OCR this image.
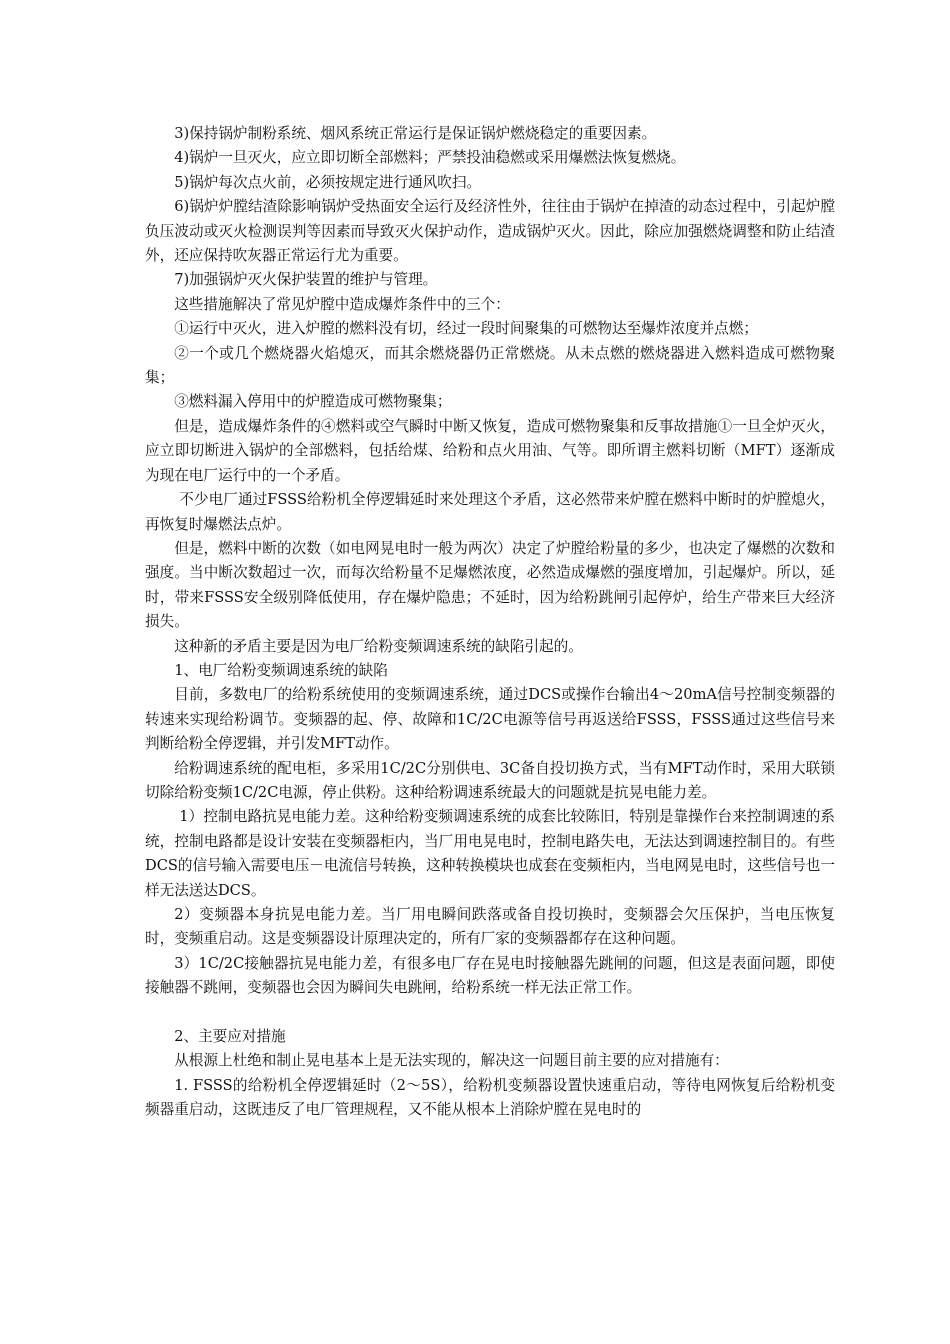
3)保持锅炉制粉系统、烟风系统正常运行是保证锅炉燃烧稳定的重要因素。

4)锅炉一旦灭火，应立即切断全部燃料；严禁投油稳燃或采用爆燃法恢复燃烧。

5)锅炉每次点火前，必须按规定进行通风吹扫。

6)锅炉炉膛结渣除影响锅炉受热面安全运行及经济性外，往往由于锅炉在掉渣的动态过程中，引起炉膛负压波动或灭火检测误判等因素而导致灭火保护动作，造成锅炉灭火。因此，除应加强燃烧调整和防止结渣外，还应保持吹灰器正常运行尤为重要。

7)加强锅炉灭火保护装置的维护与管理。

这些措施解决了常见炉膛中造成爆炸条件中的三个：

①运行中灭火，进入炉膛的燃料没有切，经过一段时间聚集的可燃物达至爆炸浓度并点燃；

②一个或几个燃烧器火焰熄灭，而其余燃烧器仍正常燃烧。从未点燃的燃烧器进入燃料造成可燃物聚集；

③燃料漏入停用中的炉膛造成可燃物聚集；

但是，造成爆炸条件的④燃料或空气瞬时中断又恢复，造成可燃物聚集和反事故措施①一旦全炉灭火，应立即切断进入锅炉的全部燃料，包括给煤、给粉和点火用油、气等。即所谓主燃料切断（MFT）逐渐成为现在电厂运行中的一个矛盾。

不少电厂通过FSSS给粉机全停逻辑延时来处理这个矛盾，这必然带来炉膛在燃料中断时的炉膛熄火，再恢复时爆燃法点炉。

但是，燃料中断的次数（如电网晃电时一般为两次）决定了炉膛给粉量的多少，也决定了爆燃的次数和强度。当中断次数超过一次，而每次给粉量不足爆燃浓度，必然造成爆燃的强度增加，引起爆炉。所以，延时，带来FSSS安全级别降低使用，存在爆炉隐患；不延时，因为给粉跳闸引起停炉，给生产带来巨大经济损失。

这种新的矛盾主要是因为电厂给粉变频调速系统的缺陷引起的。

1、电厂给粉变频调速系统的缺陷

目前，多数电厂的给粉系统使用的变频调速系统，通过DCS或操作台输出4～20mA信号控制变频器的转速来实现给粉调节。变频器的起、停、故障和1C/2C电源等信号再返送给FSSS，FSSS通过这些信号来判断给粉全停逻辑，并引发MFT动作。

给粉调速系统的配电柜，多采用1C/2C分别供电、3C备自投切换方式，当有MFT动作时，采用大联锁切除给粉变频1C/2C电源，停止供粉。这种给粉调速系统最大的问题就是抗晃电能力差。

1）控制电路抗晃电能力差。这种给粉变频调速系统的成套比较陈旧，特别是靠操作台来控制调速的系统，控制电路都是设计安装在变频器柜内，当厂用电晃电时，控制电路失电，无法达到调速控制目的。有些DCS的信号输入需要电压－电流信号转换，这种转换模块也成套在变频柜内，当电网晃电时，这些信号也一样无法送达DCS。

2）变频器本身抗晃电能力差。当厂用电瞬间跌落或备自投切换时，变频器会欠压保护，当电压恢复时，变频重启动。这是变频器设计原理决定的，所有厂家的变频器都存在这种问题。

3）1C/2C接触器抗晃电能力差，有很多电厂存在晃电时接触器先跳闸的问题，但这是表面问题，即使接触器不跳闸，变频器也会因为瞬间失电跳闸，给粉系统一样无法正常工作。

2、主要应对措施

从根源上杜绝和制止晃电基本上是无法实现的，解决这一问题目前主要的应对措施有：

1. FSSS的给粉机全停逻辑延时（2～5S），给粉机变频器设置快速重启动，等待电网恢复后给粉机变频器重启动，这既违反了电厂管理规程，又不能从根本上消除炉膛在晃电时的
